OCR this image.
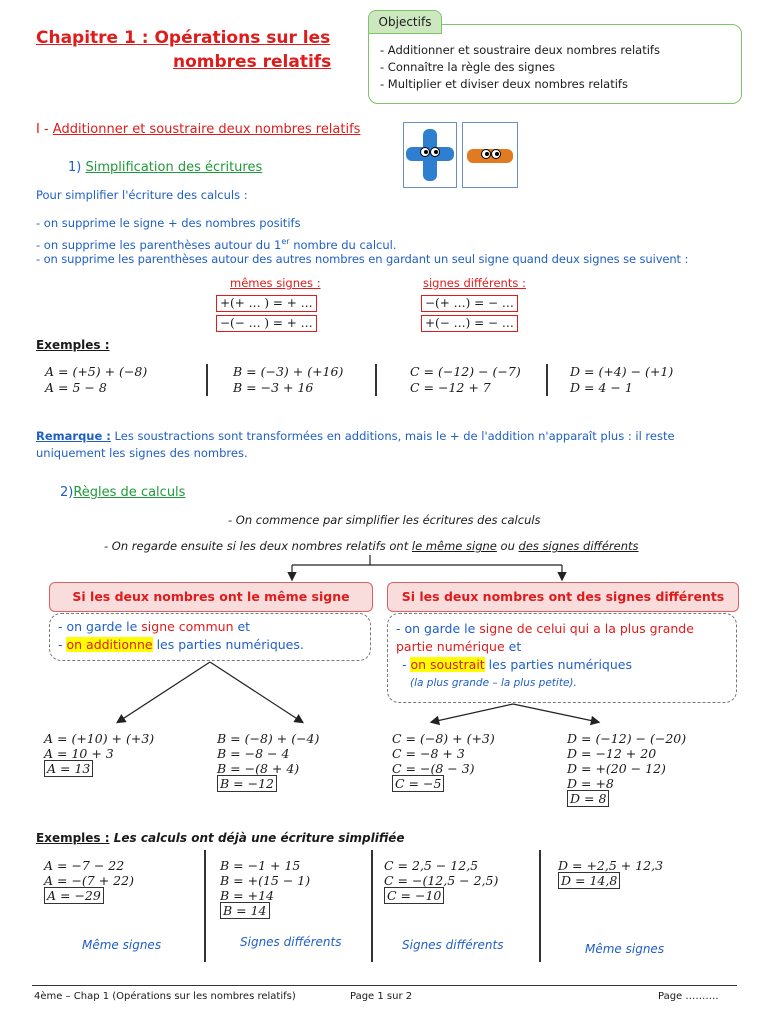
Chapitre 1 : Opérations sur les
nombres relatifs
Objectifs
- Additionner et soustraire deux nombres relatifs
- Connaître la règle des signes
- Multiplier et diviser deux nombres relatifs
I - Additionner et soustraire deux nombres relatifs
1) Simplification des écritures
Pour simplifier l'écriture des calculs :
- on supprime le signe + des nombres positifs
- on supprime les parenthèses autour du 1er nombre du calcul.
- on supprime les parenthèses autour des autres nombres en gardant un seul signe quand deux signes se suivent :
mêmes signes :
+(+ … ) = + …
−(− … ) = + …
signes différents :
−(+ …) = − …
+(− …) = − …
Exemples :
A = (+5) + (−8)
A = 5 − 8
B = (−3) + (+16)
B = −3 + 16
C = (−12) − (−7)
C = −12 + 7
D = (+4) − (+1)
D = 4 − 1
Remarque : Les soustractions sont transformées en additions, mais le + de l'addition n'apparaît plus : il reste
uniquement les signes des nombres.
2)Règles de calculs
- On commence par simplifier les écritures des calculs
- On regarde ensuite si les deux nombres relatifs ont le même signe ou des signes différents
Si les deux nombres ont le même signe	Si les deux nombres ont des signes différents
- on garde le signe commun et
- on additionne les parties numériques.
- on garde le signe de celui qui a la plus grande
partie numérique et
- on soustrait les parties numériques
(la plus grande – la plus petite).
A = (+10) + (+3)
A = 10 + 3
A = 13
B = (−8) + (−4)
B = −8 − 4
B = −(8 + 4)
B = −12
C = (−8) + (+3)
C = −8 + 3
C = −(8 − 3)
C = −5
D = (−12) − (−20)
D = −12 + 20
D = +(20 − 12)
D = +8
D = 8
Exemples : Les calculs ont déjà une écriture simplifiée
A = −7 − 22
A = −(7 + 22)
A = −29
B = −1 + 15
B = +(15 − 1)
B = +14
B = 14
C = 2,5 − 12,5
C = −(12,5 − 2,5)
C = −10
D = +2,5 + 12,3
D = 14,8
Même signes	Signes différents	Signes différents	Même signes
4ème – Chap 1 (Opérations sur les nombres relatifs)	Page 1 sur 2	Page ……….
